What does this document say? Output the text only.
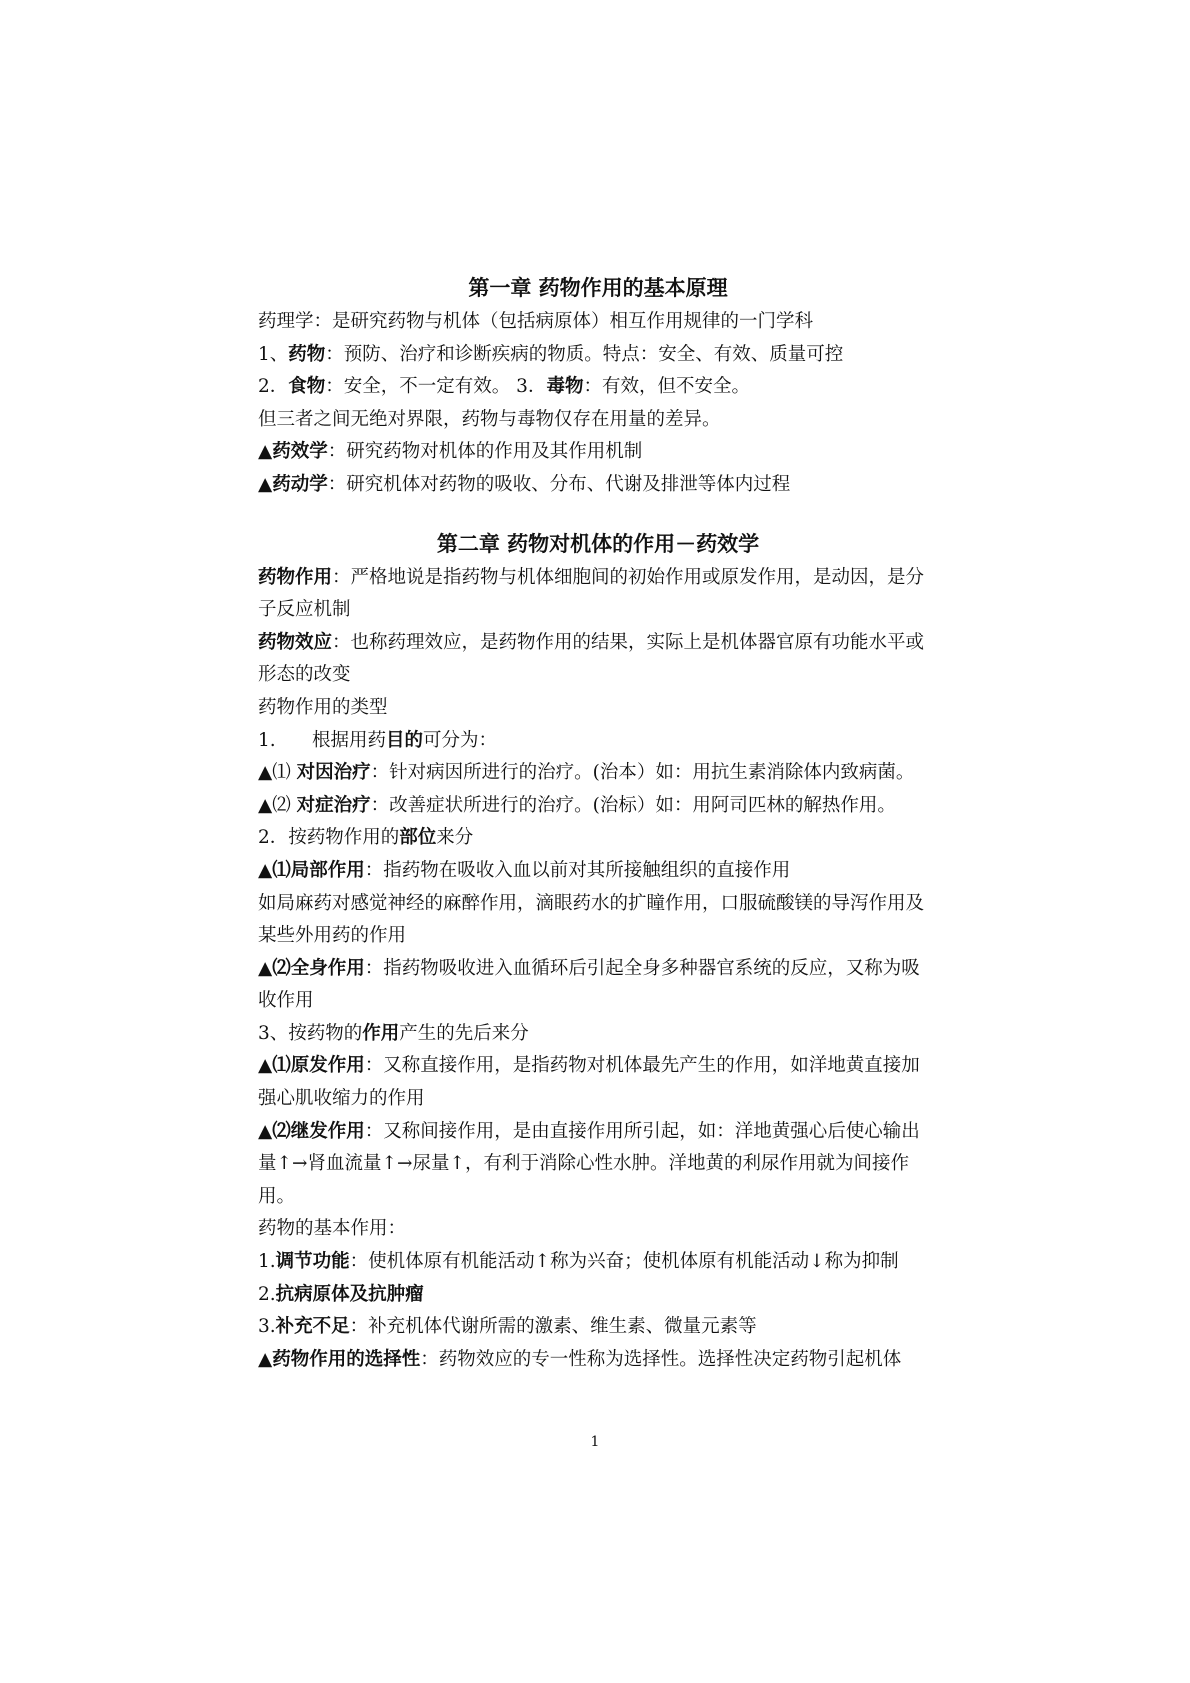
第一章 药物作用的基本原理
药理学：是研究药物与机体（包括病原体）相互作用规律的一门学科
1、药物：预防、治疗和诊断疾病的物质。特点：安全、有效、质量可控
2．食物：安全，不一定有效。 3．毒物：有效，但不安全。
但三者之间无绝对界限，药物与毒物仅存在用量的差异。
▲药效学：研究药物对机体的作用及其作用机制
▲药动学：研究机体对药物的吸收、分布、代谢及排泄等体内过程
第二章 药物对机体的作用－药效学
药物作用：严格地说是指药物与机体细胞间的初始作用或原发作用，是动因，是分子反应机制
药物效应：也称药理效应，是药物作用的结果，实际上是机体器官原有功能水平或形态的改变
药物作用的类型
1. 根据用药目的可分为：
▲⑴ 对因治疗：针对病因所进行的治疗。(治本）如：用抗生素消除体内致病菌。
▲⑵ 对症治疗：改善症状所进行的治疗。(治标）如：用阿司匹林的解热作用。
2．按药物作用的部位来分
▲⑴局部作用：指药物在吸收入血以前对其所接触组织的直接作用
如局麻药对感觉神经的麻醉作用，滴眼药水的扩瞳作用，口服硫酸镁的导泻作用及某些外用药的作用
▲⑵全身作用：指药物吸收进入血循环后引起全身多种器官系统的反应，又称为吸收作用
3、按药物的作用产生的先后来分
▲⑴原发作用：又称直接作用，是指药物对机体最先产生的作用，如洋地黄直接加强心肌收缩力的作用
▲⑵继发作用：又称间接作用，是由直接作用所引起，如：洋地黄强心后使心输出量↑→肾血流量↑→尿量↑，有利于消除心性水肿。洋地黄的利尿作用就为间接作用。
药物的基本作用：
1.调节功能：使机体原有机能活动↑称为兴奋；使机体原有机能活动↓称为抑制
2.抗病原体及抗肿瘤
3.补充不足：补充机体代谢所需的激素、维生素、微量元素等
▲药物作用的选择性：药物效应的专一性称为选择性。选择性决定药物引起机体
1
